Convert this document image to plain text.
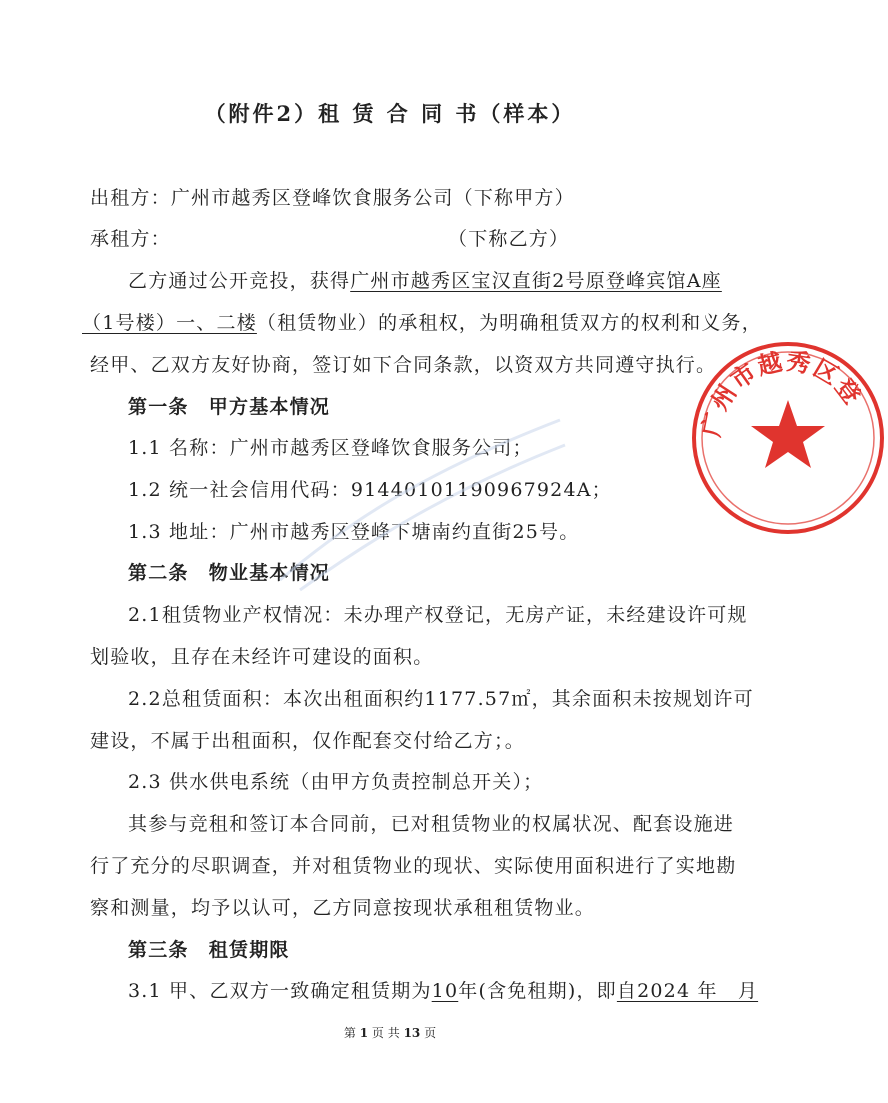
（附件2）租 赁 合 同 书（样本）
出租方：广州市越秀区登峰饮食服务公司（下称甲方）
承租方：	（下称乙方）
乙方通过公开竞投，获得广州市越秀区宝汉直街2号原登峰宾馆A座
（1号楼）一、二楼（租赁物业）的承租权，为明确租赁双方的权利和义务，
经甲、乙双方友好协商，签订如下合同条款，以资双方共同遵守执行。
第一条　甲方基本情况
1.1 名称：广州市越秀区登峰饮食服务公司；
1.2 统一社会信用代码：91440101190967924A；
1.3 地址：广州市越秀区登峰下塘南约直街25号。
第二条　物业基本情况
2.1租赁物业产权情况：未办理产权登记，无房产证，未经建设许可规
划验收，且存在未经许可建设的面积。
2.2总租赁面积：本次出租面积约1177.57㎡，其余面积未按规划许可
建设，不属于出租面积，仅作配套交付给乙方；。
2.3 供水供电系统（由甲方负责控制总开关）；
其参与竞租和签订本合同前，已对租赁物业的权属状况、配套设施进
行了充分的尽职调查，并对租赁物业的现状、实际使用面积进行了实地勘
察和测量，均予以认可，乙方同意按现状承租租赁物业。
第三条　租赁期限
3.1 甲、乙双方一致确定租赁期为10年(含免租期)，即自2024 年　月
广州市越秀区登
第 1 页 共 13 页
